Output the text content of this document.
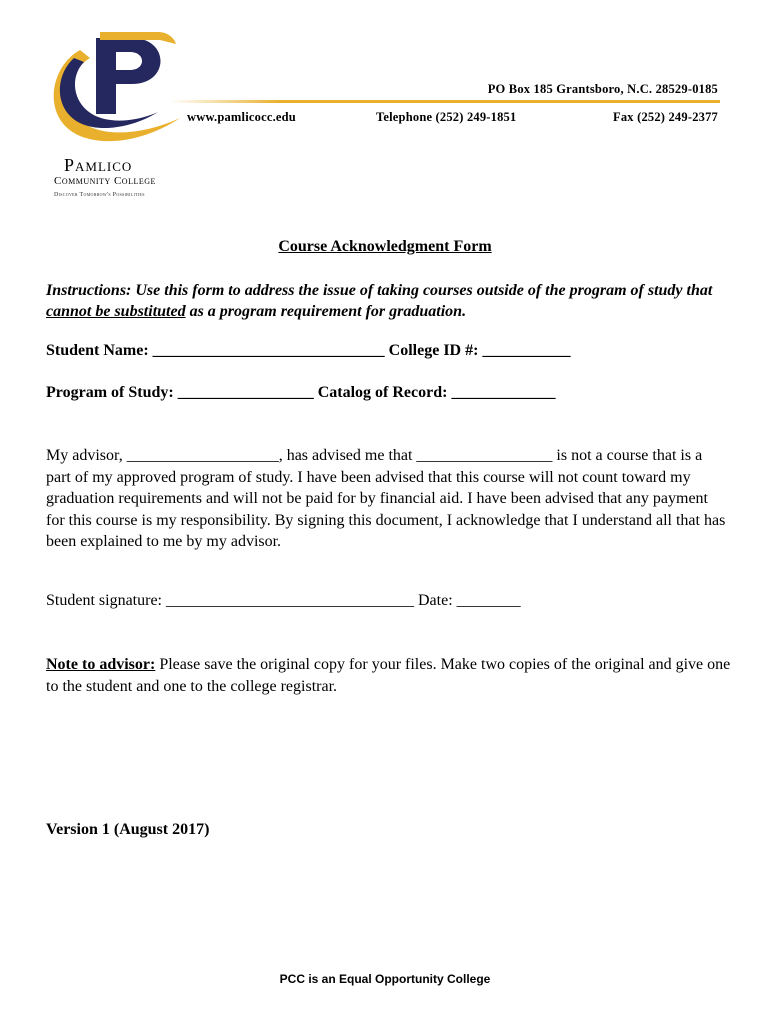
PO Box 185 Grantsboro, N.C. 28529-0185
www.pamlicocc.edu	Telephone (252) 249-1851	Fax (252) 249-2377
Pamlico
Community College
Discover Tomorrow's Possibilities
Course Acknowledgment Form
Instructions: Use this form to address the issue of taking courses outside of the program of study that cannot be substituted as a program requirement for graduation.
Student Name: _____________________________ College ID #: ___________
Program of Study: _________________ Catalog of Record: _____________
My advisor, ___________________, has advised me that _________________ is not a course that is a part of my approved program of study. I have been advised that this course will not count toward my graduation requirements and will not be paid for by financial aid. I have been advised that any payment for this course is my responsibility. By signing this document, I acknowledge that I understand all that has been explained to me by my advisor.
Student signature: _______________________________ Date: ________
Note to advisor: Please save the original copy for your files. Make two copies of the original and give one to the student and one to the college registrar.
Version 1 (August 2017)
PCC is an Equal Opportunity College
